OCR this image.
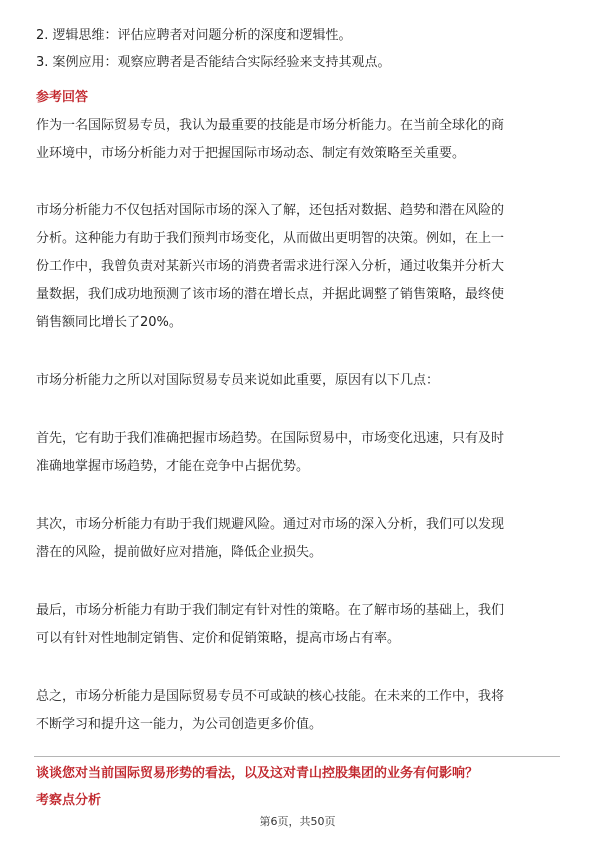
2. 逻辑思维：评估应聘者对问题分析的深度和逻辑性。
3. 案例应用：观察应聘者是否能结合实际经验来支持其观点。
参考回答
作为一名国际贸易专员，我认为最重要的技能是市场分析能力。在当前全球化的商
业环境中，市场分析能力对于把握国际市场动态、制定有效策略至关重要。
市场分析能力不仅包括对国际市场的深入了解，还包括对数据、趋势和潜在风险的
分析。这种能力有助于我们预判市场变化，从而做出更明智的决策。例如，在上一
份工作中，我曾负责对某新兴市场的消费者需求进行深入分析，通过收集并分析大
量数据，我们成功地预测了该市场的潜在增长点，并据此调整了销售策略，最终使
销售额同比增长了20%。
市场分析能力之所以对国际贸易专员来说如此重要，原因有以下几点：
首先，它有助于我们准确把握市场趋势。在国际贸易中，市场变化迅速，只有及时
准确地掌握市场趋势，才能在竞争中占据优势。
其次，市场分析能力有助于我们规避风险。通过对市场的深入分析，我们可以发现
潜在的风险，提前做好应对措施，降低企业损失。
最后，市场分析能力有助于我们制定有针对性的策略。在了解市场的基础上，我们
可以有针对性地制定销售、定价和促销策略，提高市场占有率。
总之，市场分析能力是国际贸易专员不可或缺的核心技能。在未来的工作中，我将
不断学习和提升这一能力，为公司创造更多价值。
谈谈您对当前国际贸易形势的看法，以及这对青山控股集团的业务有何影响？
考察点分析
第6页，共50页
